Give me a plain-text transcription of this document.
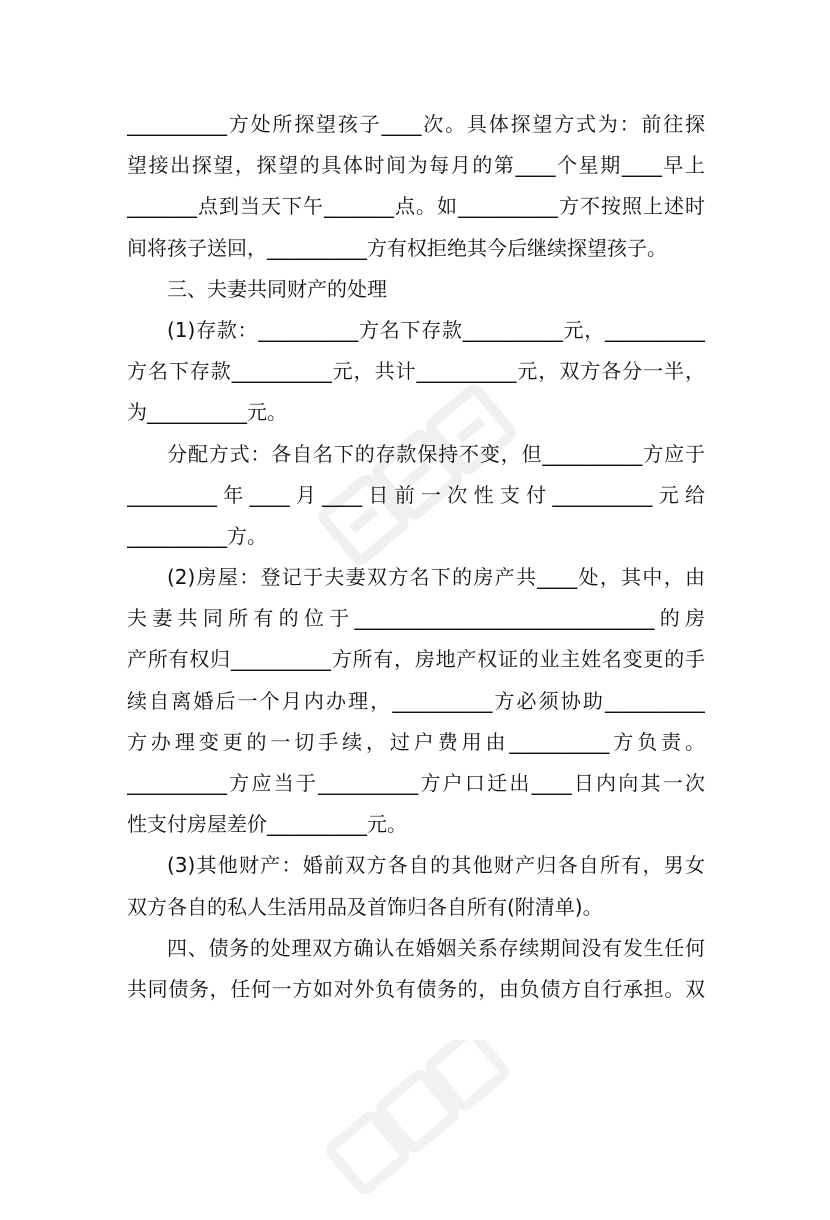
__________方处所探望孩子____次。具体探望方式为：前往探
望接出探望，探望的具体时间为每月的第____个星期____早上
_______点到当天下午_______点。如__________方不按照上述时
间将孩子送回，__________方有权拒绝其今后继续探望孩子。
三、夫妻共同财产的处理
(1)存款：__________方名下存款__________元，__________
方名下存款__________元，共计__________元，双方各分一半，
为__________元。
分配方式：各自名下的存款保持不变，但__________方应于
_________年____月____日前一次性支付__________元给
__________方。
(2)房屋：登记于夫妻双方名下的房产共____处，其中，由
夫妻共同所有的位于______________________________的房
产所有权归__________方所有，房地产权证的业主姓名变更的手
续自离婚后一个月内办理，__________方必须协助__________
方办理变更的一切手续，过户费用由__________方负责。
__________方应当于__________方户口迁出____日内向其一次
性支付房屋差价__________元。
(3)其他财产：婚前双方各自的其他财产归各自所有，男女
双方各自的私人生活用品及首饰归各自所有(附清单)。
四、债务的处理双方确认在婚姻关系存续期间没有发生任何
共同债务，任何一方如对外负有债务的，由负债方自行承担。双
